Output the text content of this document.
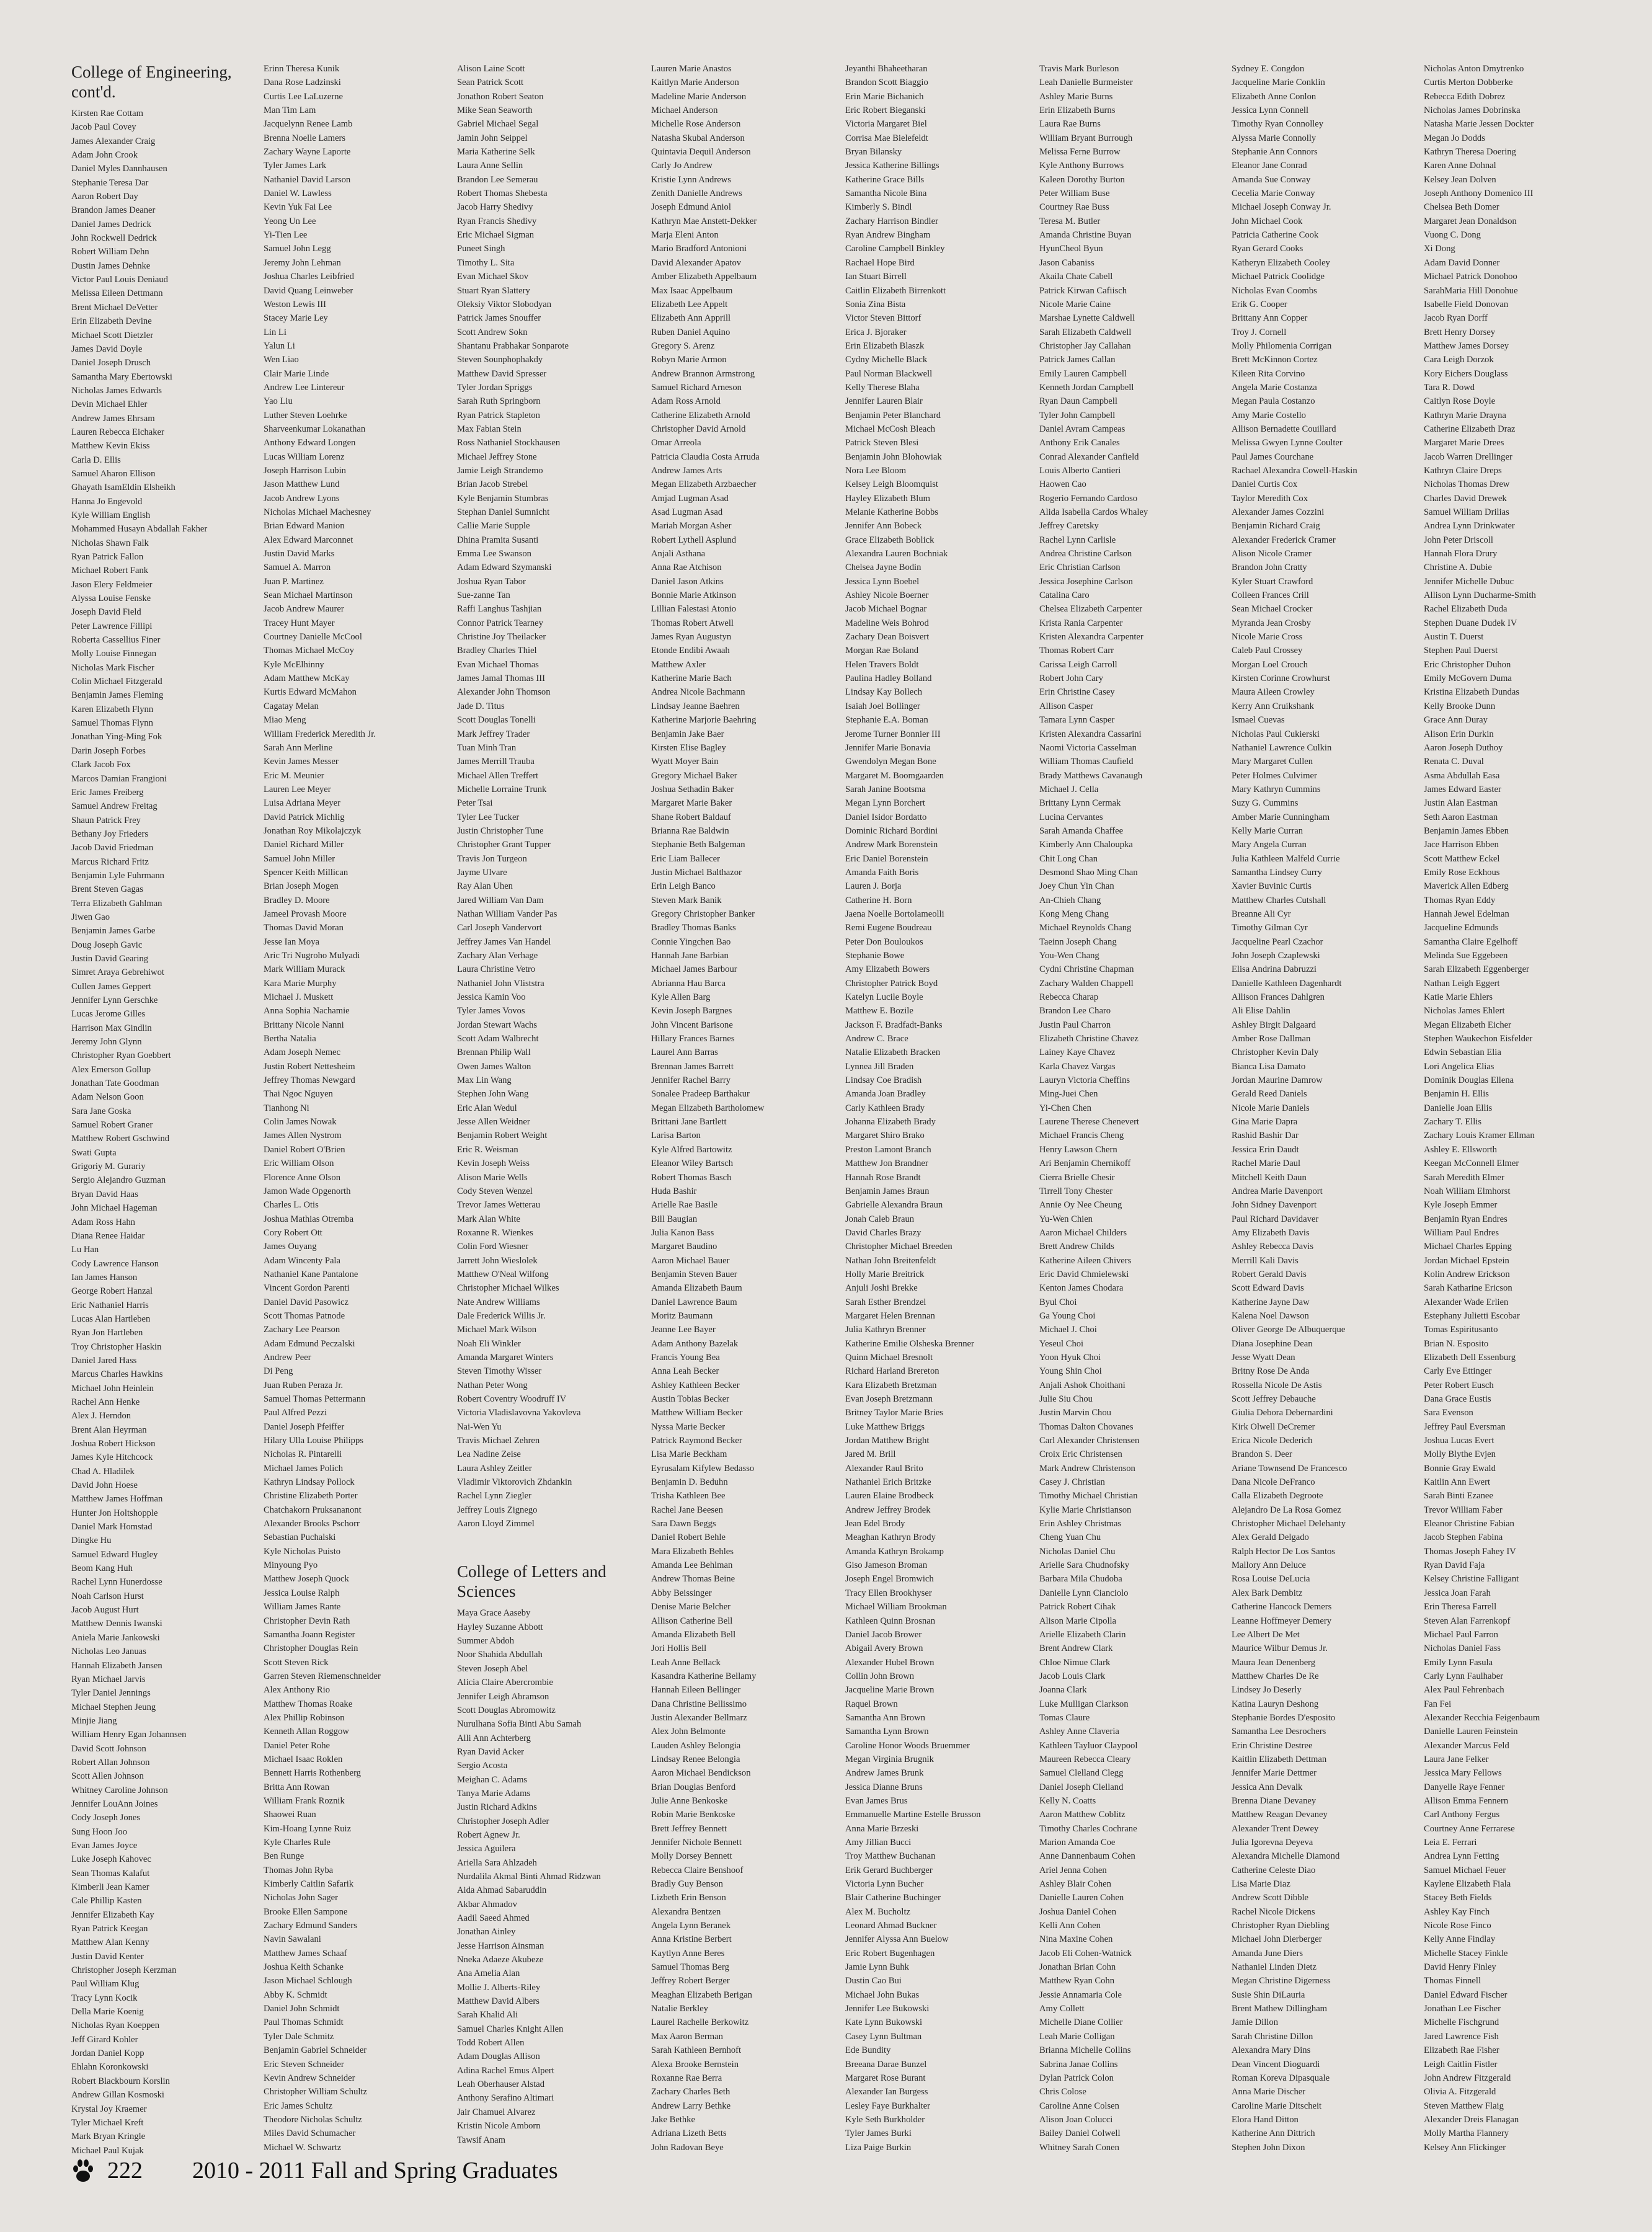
College of Engineering, cont'd.
Kirsten Rae Cottam
Jacob Paul Covey
James Alexander Craig
Adam John Crook
Daniel Myles Dannhausen
Stephanie Teresa Dar
Aaron Robert Day
Brandon James Deaner
Daniel James Dedrick
John Rockwell Dedrick
Robert William Dehn
Dustin James Dehnke
Victor Paul Louis Deniaud
Melissa Eileen Dettmann
Brent Michael DeVetter
Erin Elizabeth Devine
Michael Scott Dietzler
James David Doyle
Daniel Joseph Drusch
Samantha Mary Ebertowski
Nicholas James Edwards
Devin Michael Ehler
Andrew James Ehrsam
Lauren Rebecca Eichaker
Matthew Kevin Ekiss
Carla D. Ellis
Samuel Aharon Ellison
Ghayath IsamEldin Elsheikh
Hanna Jo Engevold
Kyle William English
Mohammed Husayn Abdallah Fakher
Nicholas Shawn Falk
Ryan Patrick Fallon
Michael Robert Fank
Jason Elery Feldmeier
Alyssa Louise Fenske
Joseph David Field
Peter Lawrence Fillipi
Roberta Cassellius Finer
Molly Louise Finnegan
Nicholas Mark Fischer
Colin Michael Fitzgerald
Benjamin James Fleming
Karen Elizabeth Flynn
Samuel Thomas Flynn
Jonathan Ying-Ming Fok
Darin Joseph Forbes
Clark Jacob Fox
Marcos Damian Frangioni
Eric James Freiberg
Samuel Andrew Freitag
Shaun Patrick Frey
Bethany Joy Frieders
Jacob David Friedman
Marcus Richard Fritz
Benjamin Lyle Fuhrmann
Brent Steven Gagas
Terra Elizabeth Gahlman
Jiwen Gao
Benjamin James Garbe
Doug Joseph Gavic
Justin David Gearing
Simret Araya Gebrehiwot
Cullen James Geppert
Jennifer Lynn Gerschke
Lucas Jerome Gilles
Harrison Max Gindlin
Jeremy John Glynn
Christopher Ryan Goebbert
Alex Emerson Gollup
Jonathan Tate Goodman
Adam Nelson Goon
Sara Jane Goska
Samuel Robert Graner
Matthew Robert Gschwind
Swati Gupta
Grigoriy M. Gurariy
Sergio Alejandro Guzman
Bryan David Haas
John Michael Hageman
Adam Ross Hahn
Diana Renee Haidar
Lu Han
Cody Lawrence Hanson
Ian James Hanson
George Robert Hanzal
Eric Nathaniel Harris
Lucas Alan Hartleben
Ryan Jon Hartleben
Troy Christopher Haskin
Daniel Jared Hass
Marcus Charles Hawkins
Michael John Heinlein
Rachel Ann Henke
Alex J. Herndon
Brent Alan Heyrman
Joshua Robert Hickson
James Kyle Hitchcock
Chad A. Hladilek
David John Hoese
Matthew James Hoffman
Hunter Jon Holtshopple
Daniel Mark Homstad
Dingke Hu
Samuel Edward Hugley
Beom Kang Huh
Rachel Lynn Hunerdosse
Noah Carlson Hurst
Jacob August Hurt
Matthew Dennis Iwanski
Aniela Marie Jankowski
Nicholas Leo Januas
Hannah Elizabeth Jansen
Ryan Michael Jarvis
Tyler Daniel Jennings
Michael Stephen Jeung
Minjie Jiang
William Henry Egan Johannsen
David Scott Johnson
Robert Allan Johnson
Scott Allen Johnson
Whitney Caroline Johnson
Jennifer LouAnn Joines
Cody Joseph Jones
Sung Hoon Joo
Evan James Joyce
Luke Joseph Kahovec
Sean Thomas Kalafut
Kimberli Jean Kamer
Cale Phillip Kasten
Jennifer Elizabeth Kay
Ryan Patrick Keegan
Matthew Alan Kenny
Justin David Kenter
Christopher Joseph Kerzman
Paul William Klug
Tracy Lynn Kocik
Della Marie Koenig
Nicholas Ryan Koeppen
Jeff Girard Kohler
Jordan Daniel Kopp
Ehlahn Koronkowski
Robert Blackbourn Korslin
Andrew Gillan Kosmoski
Krystal Joy Kraemer
Tyler Michael Kreft
Mark Bryan Kringle
Michael Paul Kujak
Erinn Theresa Kunik
Dana Rose Ladzinski
Curtis Lee LaLuzerne
Man Tim Lam
Jacquelynn Renee Lamb
Brenna Noelle Lamers
Zachary Wayne Laporte
Tyler James Lark
Nathaniel David Larson
Daniel W. Lawless
Kevin Yuk Fai Lee
Yeong Un Lee
Yi-Tien Lee
Samuel John Legg
Jeremy John Lehman
Joshua Charles Leibfried
David Quang Leinweber
Weston Lewis III
Stacey Marie Ley
Lin Li
Yalun Li
Wen Liao
Clair Marie Linde
Andrew Lee Lintereur
Yao Liu
Luther Steven Loehrke
Sharveenkumar Lokanathan
Anthony Edward Longen
Lucas William Lorenz
Joseph Harrison Lubin
Jason Matthew Lund
Jacob Andrew Lyons
Nicholas Michael Machesney
Brian Edward Manion
Alex Edward Marconnet
Justin David Marks
Samuel A. Marron
Juan P. Martinez
Sean Michael Martinson
Jacob Andrew Maurer
Tracey Hunt Mayer
Courtney Danielle McCool
Thomas Michael McCoy
Kyle McElhinny
Adam Matthew McKay
Kurtis Edward McMahon
Cagatay Melan
Miao Meng
William Frederick Meredith Jr.
Sarah Ann Merline
Kevin James Messer
Eric M. Meunier
Lauren Lee Meyer
Luisa Adriana Meyer
David Patrick Michlig
Jonathan Roy Mikolajczyk
Daniel Richard Miller
Samuel John Miller
Spencer Keith Millican
Brian Joseph Mogen
Bradley D. Moore
Jameel Provash Moore
Thomas David Moran
Jesse Ian Moya
Aric Tri Nugroho Mulyadi
Mark William Murack
Kara Marie Murphy
Michael J. Muskett
Anna Sophia Nachamie
Brittany Nicole Nanni
Bertha Natalia
Adam Joseph Nemec
Justin Robert Nettesheim
Jeffrey Thomas Newgard
Thai Ngoc Nguyen
Tianhong Ni
Colin James Nowak
James Allen Nystrom
Daniel Robert O'Brien
Eric William Olson
Florence Anne Olson
Jamon Wade Opgenorth
Charles L. Otis
Joshua Mathias Otremba
Cory Robert Ott
James Ouyang
Adam Wincenty Pala
Nathaniel Kane Pantalone
Vincent Gordon Parenti
Daniel David Pasowicz
Scott Thomas Patnode
Zachary Lee Pearson
Adam Edmund Peczalski
Andrew Peer
Di Peng
Juan Ruben Peraza Jr.
Samuel Thomas Pettermann
Paul Alfred Pezzi
Daniel Joseph Pfeiffer
Hilary Ulla Louise Philipps
Nicholas R. Pintarelli
Michael James Polich
Kathryn Lindsay Pollock
Christine Elizabeth Porter
Chatchakorn Pruksananont
Alexander Brooks Pschorr
Sebastian Puchalski
Kyle Nicholas Puisto
Minyoung Pyo
Matthew Joseph Quock
Jessica Louise Ralph
William James Rante
Christopher Devin Rath
Samantha Joann Register
Christopher Douglas Rein
Scott Steven Rick
Garren Steven Riemenschneider
Alex Anthony Rio
Matthew Thomas Roake
Alex Phillip Robinson
Kenneth Allan Roggow
Daniel Peter Rohe
Michael Isaac Roklen
Bennett Harris Rothenberg
Britta Ann Rowan
William Frank Roznik
Shaowei Ruan
Kim-Hoang Lynne Ruiz
Kyle Charles Rule
Ben Runge
Thomas John Ryba
Kimberly Caitlin Safarik
Nicholas John Sager
Brooke Ellen Sampone
Zachary Edmund Sanders
Navin Sawalani
Matthew James Schaaf
Joshua Keith Schanke
Jason Michael Schlough
Abby K. Schmidt
Daniel John Schmidt
Paul Thomas Schmidt
Tyler Dale Schmitz
Benjamin Gabriel Schneider
Eric Steven Schneider
Kevin Andrew Schneider
Christopher William Schultz
Eric James Schultz
Theodore Nicholas Schultz
Miles David Schumacher
Michael W. Schwartz
Alison Laine Scott
Sean Patrick Scott
Jonathon Robert Seaton
Mike Sean Seaworth
Gabriel Michael Segal
Jamin John Seippel
Maria Katherine Selk
Laura Anne Sellin
Brandon Lee Semerau
Robert Thomas Shebesta
Jacob Harry Shedivy
Ryan Francis Shedivy
Eric Michael Sigman
Puneet Singh
Timothy L. Sita
Evan Michael Skov
Stuart Ryan Slattery
Oleksiy Viktor Slobodyan
Patrick James Snouffer
Scott Andrew Sokn
Shantanu Prabhakar Sonparote
Steven Sounphophakdy
Matthew David Spresser
Tyler Jordan Spriggs
Sarah Ruth Springborn
Ryan Patrick Stapleton
Max Fabian Stein
Ross Nathaniel Stockhausen
Michael Jeffrey Stone
Jamie Leigh Strandemo
Brian Jacob Strebel
Kyle Benjamin Stumbras
Stephan Daniel Sumnicht
Callie Marie Supple
Dhina Pramita Susanti
Emma Lee Swanson
Adam Edward Szymanski
Joshua Ryan Tabor
Sue-zanne Tan
Raffi Langhus Tashjian
Connor Patrick Tearney
Christine Joy Theilacker
Bradley Charles Thiel
Evan Michael Thomas
James Jamal Thomas III
Alexander John Thomson
Jade D. Titus
Scott Douglas Tonelli
Mark Jeffrey Trader
Tuan Minh Tran
James Merrill Traubа
Michael Allen Treffert
Michelle Lorraine Trunk
Peter Tsai
Tyler Lee Tucker
Justin Christopher Tune
Christopher Grant Tupper
Travis Jon Turgeon
Jayme Ulvare
Ray Alan Uhen
Jared William Van Dam
Nathan William Vander Pas
Carl Joseph Vandervort
Jeffrey James Van Handel
Zachary Alan Verhage
Laura Christine Vetro
Nathaniel John Vliststra
Jessica Kamin Voo
Tyler James Vovos
Jordan Stewart Wachs
Scott Adam Walbrecht
Brennan Philip Wall
Owen James Walton
Max Lin Wang
Stephen John Wang
Eric Alan Wedul
Jesse Allen Weidner
Benjamin Robert Weight
Eric R. Weisman
Kevin Joseph Weiss
Alison Marie Wells
Cody Steven Wenzel
Trevor James Wetterau
Mark Alan White
Roxanne R. Wienkes
Colin Ford Wiesner
Jarrett John Wieslolek
Matthew O'Neal Wilfong
Christopher Michael Wilkes
Nate Andrew Williams
Dale Frederick Willis Jr.
Michael Mark Wilson
Noah Eli Winkler
Amanda Margaret Winters
Steven Timothy Wisser
Nathan Peter Wong
Robert Coventry Woodruff IV
Victoria Vladislavovna Yakovleva
Nai-Wen Yu
Travis Michael Zehren
Lea Nadine Zeise
Laura Ashley Zeitler
Vladimir Viktorovich Zhdankin
Rachel Lynn Ziegler
Jeffrey Louis Zignego
Aaron Lloyd Zimmel
College of Letters and Sciences
Maya Grace Aaseby
Hayley Suzanne Abbott
Summer Abdoh
Noor Shahida Abdullah
Steven Joseph Abel
Alicia Claire Abercrombie
Jennifer Leigh Abramson
Scott Douglas Abromowitz
Nurulhana Sofia Binti Abu Samah
Alli Ann Achterberg
Ryan David Acker
Sergio Acosta
Meighan C. Adams
Tanya Marie Adams
Justin Richard Adkins
Christopher Joseph Adler
Robert Agnew Jr.
Jessica Aguilera
Ariella Sara Ahlzadeh
Nurdalila Akmal Binti Ahmad Ridzwan
Aida Ahmad Sabaruddin
Akbar Ahmadov
Aadil Saeed Ahmed
Jonathan Ainley
Jesse Harrison Ainsman
Nneka Adaeze Akubeze
Ana Amelia Alan
Mollie J. Alberts-Riley
Matthew David Albers
Sarah Khalid Ali
Samuel Charles Knight Allen
Todd Robert Allen
Adam Douglas Allison
Adina Rachel Emus Alpert
Leah Oberhauser Alstad
Anthony Serafino Altimari
Jair Chamuel Alvarez
Kristin Nicole Amborn
Tawsif Anam
Lauren Marie Anastos
Kaitlyn Marie Anderson
Madeline Marie Anderson
Michael Anderson
Michelle Rose Anderson
Natasha Skubal Anderson
Quintavia Dequil Anderson
Carly Jo Andrew
Kristie Lynn Andrews
Zenith Danielle Andrews
Joseph Edmund Aniol
Kathryn Mae Anstett-Dekker
Marja Eleni Anton
Mario Bradford Antonioni
David Alexander Apatov
Amber Elizabeth Appelbaum
Max Isaac Appelbaum
Elizabeth Lee Appelt
Elizabeth Ann Apprill
Ruben Daniel Aquino
Gregory S. Arenz
Robyn Marie Armon
Andrew Brannon Armstrong
Samuel Richard Arneson
Adam Ross Arnold
Catherine Elizabeth Arnold
Christopher David Arnold
Omar Arreola
Patricia Claudia Costa Arruda
Andrew James Arts
Megan Elizabeth Arzbaecher
Amjad Lugman Asad
Asad Lugman Asad
Mariah Morgan Asher
Robert Lythell Asplund
Anjali Asthana
Anna Rae Atchison
Daniel Jason Atkins
Bonnie Marie Atkinson
Lillian Falestasi Atonio
Thomas Robert Atwell
James Ryan Augustyn
Etonde Endibi Awaah
Matthew Axler
Katherine Marie Bach
Andrea Nicole Bachmann
Lindsay Jeanne Baehren
Katherine Marjorie Baehring
Benjamin Jake Baer
Kirsten Elise Bagley
Wyatt Moyer Bain
Gregory Michael Baker
Joshua Sethadin Baker
Margaret Marie Baker
Shane Robert Baldauf
Brianna Rae Baldwin
Stephanie Beth Balgeman
Eric Liam Ballecer
Justin Michael Balthazor
Erin Leigh Banco
Steven Mark Banik
Gregory Christopher Banker
Bradley Thomas Banks
Connie Yingchen Bao
Hannah Jane Barbian
Michael James Barbour
Abrianna Hau Barca
Kyle Allen Barg
Kevin Joseph Bargnes
John Vincent Barisone
Hillary Frances Barnes
Laurel Ann Barras
Brennan James Barrett
Jennifer Rachel Barry
Sonalee Pradeep Barthakur
Megan Elizabeth Bartholomew
Brittani Jane Bartlett
Larisa Barton
Kyle Alfred Bartowitz
Eleanor Wiley Bartsch
Robert Thomas Basch
Huda Bashir
Arielle Rae Basile
Bill Baugian
Julia Kanon Bass
Margaret Baudino
Aaron Michael Bauer
Benjamin Steven Bauer
Amanda Elizabeth Baum
Daniel Lawrence Baum
Moritz Baumann
Jeanne Lee Bayer
Adam Anthony Bazelak
Francis Young Bea
Anna Leah Becker
Ashley Kathleen Becker
Austin Tobias Becker
Matthew William Becker
Nyssa Marie Becker
Patrick Raymond Becker
Lisa Marie Beckham
Eyrusalam Kifylew Bedasso
Benjamin D. Beduhn
Trisha Kathleen Bee
Rachel Jane Beesen
Sara Dawn Beggs
Daniel Robert Behle
Mara Elizabeth Behles
Amanda Lee Behlman
Andrew Thomas Beine
Abby Beissinger
Denise Marie Belcher
Allison Catherine Bell
Amanda Elizabeth Bell
Jori Hollis Bell
Leah Anne Bellack
Kasandra Katherine Bellamy
Hannah Eileen Bellinger
Dana Christine Bellissimo
Justin Alexander Bellmarz
Alex John Belmonte
Lauden Ashley Belongia
Lindsay Renee Belongia
Aaron Michael Bendickson
Brian Douglas Benford
Julie Anne Benkoske
Robin Marie Benkoske
Brett Jeffrey Bennett
Jennifer Nichole Bennett
Molly Dorsey Bennett
Rebecca Claire Benshoof
Bradly Guy Benson
Lizbeth Erin Benson
Alexandra Bentzen
Angela Lynn Beranek
Anna Kristine Berbert
Kaytlyn Anne Beres
Samuel Thomas Berg
Jeffrey Robert Berger
Meaghan Elizabeth Berigan
Natalie Berkley
Laurel Rachelle Berkowitz
Max Aaron Berman
Sarah Kathleen Bernhoft
Alexa Brooke Bernstein
Roxanne Rae Berra
Zachary Charles Beth
Andrew Larry Bethke
Jake Bethke
Adriana Lizeth Betts
John Radovan Beye
Jeyanthi Bhaheetharan
Brandon Scott Biaggio
Erin Marie Bichanich
Eric Robert Bieganski
Victoria Margaret Biel
Corrisa Mae Bielefeldt
Bryan Bilansky
Jessica Katherine Billings
Katherine Grace Bills
Samantha Nicole Bina
Kimberly S. Bindl
Zachary Harrison Bindler
Ryan Andrew Bingham
Caroline Campbell Binkley
Rachael Hope Bird
Ian Stuart Birrell
Caitlin Elizabeth Birrenkott
Sonia Zina Bista
Victor Steven Bittorf
Erica J. Bjoraker
Erin Elizabeth Blaszk
Cydny Michelle Black
Paul Norman Blackwell
Kelly Therese Blaha
Jennifer Lauren Blair
Benjamin Peter Blanchard
Michael McCosh Bleach
Patrick Steven Blesi
Benjamin John Blohowiak
Nora Lee Bloom
Kelsey Leigh Bloomquist
Hayley Elizabeth Blum
Melanie Katherine Bobbs
Jennifer Ann Bobeck
Grace Elizabeth Boblick
Alexandra Lauren Bochniak
Chelsea Jayne Bodin
Jessica Lynn Boebel
Ashley Nicole Boerner
Jacob Michael Bognar
Madeline Weis Bohrod
Zachary Dean Boisvert
Morgan Rae Boland
Helen Travers Boldt
Paulina Hadley Bolland
Lindsay Kay Bollech
Isaiah Joel Bollinger
Stephanie E.A. Boman
Jerome Turner Bonnier III
Jennifer Marie Bonavia
Gwendolyn Megan Bone
Margaret M. Boomgaarden
Sarah Janine Bootsma
Megan Lynn Borchert
Daniel Isidor Bordatto
Dominic Richard Bordini
Andrew Mark Borenstein
Eric Daniel Borenstein
Amanda Faith Boris
Lauren J. Borja
Catherine H. Born
Jaena Noelle Bortolameolli
Remi Eugene Boudreau
Peter Don Bouloukos
Stephanie Bowe
Amy Elizabeth Bowers
Christopher Patrick Boyd
Katelyn Lucile Boyle
Matthew E. Bozile
Jackson F. Bradfadt-Banks
Andrew C. Brace
Natalie Elizabeth Bracken
Lynnea Jill Braden
Lindsay Coe Bradish
Amanda Joan Bradley
Carly Kathleen Brady
Johanna Elizabeth Brady
Margaret Shiro Brako
Preston Lamont Branch
Matthew Jon Brandner
Hannah Rose Brandt
Benjamin James Braun
Gabrielle Alexandra Braun
Jonah Caleb Braun
David Charles Brazy
Christopher Michael Breeden
Nathan John Breitenfeldt
Holly Marie Breitrick
Anjuli Joshi Brekke
Sarah Esther Brendzel
Margaret Helen Brennan
Julia Kathryn Brenner
Katherine Emilie Olsheska Brenner
Quinn Michael Bresnolt
Richard Harland Brereton
Kara Elizabeth Bretzman
Evan Joseph Bretzmann
Britney Taylor Marie Bries
Luke Matthew Briggs
Jordan Matthew Bright
Jared M. Brill
Alexander Raul Brito
Nathaniel Erich Britzke
Lauren Elaine Brodbeck
Andrew Jeffrey Brodek
Jean Edel Brody
Meaghan Kathryn Brody
Amanda Kathryn Brokamp
Giso Jameson Broman
Joseph Engel Bromwich
Tracy Ellen Brookhyser
Michael William Brookman
Kathleen Quinn Brosnan
Daniel Jacob Brower
Abigail Avery Brown
Alexander Hubel Brown
Collin John Brown
Jacqueline Marie Brown
Raquel Brown
Samantha Ann Brown
Samantha Lynn Brown
Caroline Honor Woods Bruemmer
Megan Virginia Brugnik
Andrew James Brunk
Jessica Dianne Bruns
Evan James Brus
Emmanuelle Martine Estelle Brusson
Anna Marie Brzeski
Amy Jillian Bucci
Troy Matthew Buchanan
Erik Gerard Buchberger
Victoria Lynn Bucher
Blair Catherine Buchinger
Alex M. Bucholtz
Leonard Ahmad Buckner
Jennifer Alyssa Ann Buelow
Eric Robert Bugenhagen
Jamie Lynn Buhk
Dustin Cao Bui
Michael John Bukas
Jennifer Lee Bukowski
Kate Lynn Bukowski
Casey Lynn Bultman
Ede Bundity
Breeana Darae Bunzel
Margaret Rose Burant
Alexander Ian Burgess
Lesley Faye Burkhalter
Kyle Seth Burkholder
Tyler James Burki
Liza Paige Burkin
Travis Mark Burleson
Leah Danielle Burmeister
Ashley Marie Burns
Erin Elizabeth Burns
Laura Rae Burns
William Bryant Burrough
Melissa Ferne Burrow
Kyle Anthony Burrows
Kaleen Dorothy Burton
Peter William Buse
Courtney Rae Buss
Teresa M. Butler
Amanda Christine Buyan
HyunCheol Byun
Jason Cabaniss
Akaila Chate Cabell
Patrick Kirwan Cafiisch
Nicole Marie Caine
Marshae Lynette Caldwell
Sarah Elizabeth Caldwell
Christopher Jay Callahan
Patrick James Callan
Emily Lauren Campbell
Kenneth Jordan Campbell
Ryan Daun Campbell
Tyler John Campbell
Daniel Avram Campeas
Anthony Erik Canales
Conrad Alexander Canfield
Louis Alberto Cantieri
Haowen Cao
Rogerio Fernando Cardoso
Alida Isabella Cardos Whaley
Jeffrey Caretsky
Rachel Lynn Carlisle
Andrea Christine Carlson
Eric Christian Carlson
Jessica Josephine Carlson
Catalina Caro
Chelsea Elizabeth Carpenter
Krista Rania Carpenter
Kristen Alexandra Carpenter
Thomas Robert Carr
Carissa Leigh Carroll
Robert John Cary
Erin Christine Casey
Allison Casper
Tamara Lynn Casper
Kristen Alexandra Cassarini
Naomi Victoria Casselman
William Thomas Caufield
Brady Matthews Cavanaugh
Michael J. Cella
Brittany Lynn Cermak
Lucina Cervantes
Sarah Amanda Chaffee
Kimberly Ann Chaloupka
Chit Long Chan
Desmond Shao Ming Chan
Joey Chun Yin Chan
An-Chieh Chang
Kong Meng Chang
Michael Reynolds Chang
Taeinn Joseph Chang
You-Wen Chang
Cydni Christine Chapman
Zachary Walden Chappell
Rebecca Charap
Brandon Lee Charo
Justin Paul Charron
Elizabeth Christine Chavez
Lainey Kaye Chavez
Karla Chavez Vargas
Lauryn Victoria Cheffins
Ming-Juei Chen
Yi-Chen Chen
Laurene Therese Chenevert
Michael Francis Cheng
Henry Lawson Chern
Ari Benjamin Chernikoff
Cierra Brielle Chesir
Tirrell Tony Chester
Annie Oy Nee Cheung
Yu-Wen Chien
Aaron Michael Childers
Brett Andrew Childs
Katherine Aileen Chivers
Eric David Chmielewski
Kenton James Chodara
Byul Choi
Ga Young Choi
Michael J. Choi
Yeseul Choi
Yoon Hyuk Choi
Young Shin Choi
Anjali Ashok Choithani
Julie Siu Chou
Justin Marvin Chou
Thomas Dalton Chovanes
Carl Alexander Christensen
Croix Eric Christensen
Mark Andrew Christenson
Casey J. Christian
Timothy Michael Christian
Kylie Marie Christianson
Erin Ashley Christmas
Cheng Yuan Chu
Nicholas Daniel Chu
Arielle Sara Chudnofsky
Barbara Mila Chudoba
Danielle Lynn Cianciolo
Patrick Robert Cihak
Alison Marie Cipolla
Arielle Elizabeth Clarin
Brent Andrew Clark
Chloe Nimue Clark
Jacob Louis Clark
Joanna Clark
Luke Mulligan Clarkson
Tomas Claure
Ashley Anne Claveria
Kathleen Tayluor Claypool
Maureen Rebecca Cleary
Samuel Clelland Clegg
Daniel Joseph Clelland
Kelly N. Coatts
Aaron Matthew Coblitz
Timothy Charles Cochrane
Marion Amanda Coe
Anne Dannenbaum Cohen
Ariel Jenna Cohen
Ashley Blair Cohen
Danielle Lauren Cohen
Joshua Daniel Cohen
Kelli Ann Cohen
Nina Maxine Cohen
Jacob Eli Cohen-Watnick
Jonathan Brian Cohn
Matthew Ryan Cohn
Jessie Annamaria Cole
Amy Collett
Michelle Diane Collier
Leah Marie Colligan
Brianna Michelle Collins
Sabrina Janae Collins
Dylan Patrick Colon
Chris Colose
Caroline Anne Colsen
Alison Joan Colucci
Bailey Daniel Colwell
Whitney Sarah Conen
Sydney E. Congdon
Jacqueline Marie Conklin
Elizabeth Anne Conlon
Jessica Lynn Connell
Timothy Ryan Connolley
Alyssa Marie Connolly
Stephanie Ann Connors
Eleanor Jane Conrad
Amanda Sue Conway
Cecelia Marie Conway
Michael Joseph Conway Jr.
John Michael Cook
Patricia Catherine Cook
Ryan Gerard Cooks
Katheryn Elizabeth Cooley
Michael Patrick Coolidge
Nicholas Evan Coombs
Erik G. Cooper
Brittany Ann Copper
Troy J. Cornell
Molly Philomenia Corrigan
Brett McKinnon Cortez
Kileen Rita Corvino
Angela Marie Costanza
Megan Paula Costanzo
Amy Marie Costello
Allison Bernadette Couillard
Melissa Gwyen Lynne Coulter
Paul James Courchane
Rachael Alexandra Cowell-Haskin
Daniel Curtis Cox
Taylor Meredith Cox
Alexander James Cozzini
Benjamin Richard Craig
Alexander Frederick Cramer
Alison Nicole Cramer
Brandon John Cratty
Kyler Stuart Crawford
Colleen Frances Crill
Sean Michael Crocker
Myranda Jean Crosby
Nicole Marie Cross
Caleb Paul Crossey
Morgan Loel Crouch
Kirsten Corinne Crowhurst
Maura Aileen Crowley
Kerry Ann Cruikshank
Ismael Cuevas
Nicholas Paul Cukierski
Nathaniel Lawrence Culkin
Mary Margaret Cullen
Peter Holmes Culvimer
Mary Kathryn Cummins
Suzy G. Cummins
Amber Marie Cunningham
Kelly Marie Curran
Mary Angela Curran
Julia Kathleen Malfeld Currie
Samantha Lindsey Curry
Xavier Buvinic Curtis
Matthew Charles Cutshall
Breanne Ali Cyr
Timothy Gilman Cyr
Jacqueline Pearl Czachor
John Joseph Czaplewski
Elisa Andrina Dabruzzi
Danielle Kathleen Dagenhardt
Allison Frances Dahlgren
Ali Elise Dahlin
Ashley Birgit Dalgaard
Amber Rose Dallman
Christopher Kevin Daly
Bianca Lisa Damato
Jordan Maurine Damrow
Gerald Reed Daniels
Nicole Marie Daniels
Gina Marie Dapra
Rashid Bashir Dar
Jessica Erin Daudt
Rachel Marie Daul
Mitchell Keith Daun
Andrea Marie Davenport
John Sidney Davenport
Paul Richard Davidaver
Amy Elizabeth Davis
Ashley Rebecca Davis
Merrill Kali Davis
Robert Gerald Davis
Scott Edward Davis
Katherine Jayne Daw
Kalena Noel Dawson
Oliver George De Albuquerque
Diana Josephine Dean
Jesse Wyatt Dean
Britny Rose De Anda
Rossella Nicole De Astis
Scott Jeffrey Debauche
Giulia Debora Debernardini
Kirk Olwell DeCremer
Erica Nicole Dederich
Brandon S. Deer
Ariane Townsend De Francesco
Dana Nicole DeFranco
Calla Elizabeth Degroote
Alejandro De La Rosa Gomez
Christopher Michael Delehanty
Alex Gerald Delgado
Ralph Hector De Los Santos
Mallory Ann Deluce
Rosa Louise DeLucia
Alex Bark Dembitz
Catherine Hancock Demers
Leanne Hoffmeyer Demery
Lee Albert De Met
Maurice Wilbur Demus Jr.
Maura Jean Denenberg
Matthew Charles De Re
Lindsey Jo Deserly
Katina Lauryn Deshong
Stephanie Bordes D'esposito
Samantha Lee Desrochers
Erin Christine Destree
Kaitlin Elizabeth Dettman
Jennifer Marie Dettmer
Jessica Ann Devalk
Brenna Diane Devaney
Matthew Reagan Devaney
Alexander Trent Dewey
Julia Igorevna Deyeva
Alexandra Michelle Diamond
Catherine Celeste Diao
Lisa Marie Diaz
Andrew Scott Dibble
Rachel Nicole Dickens
Christopher Ryan Diebling
Michael John Dierberger
Amanda June Diers
Nathaniel Linden Dietz
Megan Christine Digerness
Susie Shin DiLauria
Brent Mathew Dillingham
Jamie Dillon
Sarah Christine Dillon
Alexandra Mary Dins
Dean Vincent Dioguardi
Roman Koreva Dipasquale
Anna Marie Discher
Caroline Marie Ditscheit
Elora Hand Ditton
Katherine Ann Dittrich
Stephen John Dixon
Nicholas Anton Dmytrenko
Curtis Merton Dobberke
Rebecca Edith Dobrez
Nicholas James Dobrinska
Natasha Marie Jessen Dockter
Megan Jo Dodds
Kathryn Theresa Doering
Karen Anne Dohnal
Kelsey Jean Dolven
Joseph Anthony Domenico III
Chelsea Beth Domer
Margaret Jean Donaldson
Vuong C. Dong
Xi Dong
Adam David Donner
Michael Patrick Donohoo
SarahMaria Hill Donohue
Isabelle Field Donovan
Jacob Ryan Dorff
Brett Henry Dorsey
Matthew James Dorsey
Cara Leigh Dorzok
Kory Eichers Douglass
Tara R. Dowd
Caitlyn Rose Doyle
Kathryn Marie Drayna
Catherine Elizabeth Draz
Margaret Marie Drees
Jacob Warren Drellinger
Kathryn Claire Dreps
Nicholas Thomas Drew
Charles David Drewek
Samuel William Drilias
Andrea Lynn Drinkwater
John Peter Driscoll
Hannah Flora Drury
Christine A. Dubie
Jennifer Michelle Dubuc
Allison Lynn Ducharme-Smith
Rachel Elizabeth Duda
Stephen Duane Dudek IV
Austin T. Duerst
Stephen Paul Duerst
Eric Christopher Duhon
Emily McGovern Duma
Kristina Elizabeth Dundas
Kelly Brooke Dunn
Grace Ann Duray
Alison Erin Durkin
Aaron Joseph Duthoy
Renata C. Duval
Asma Abdullah Easa
James Edward Easter
Justin Alan Eastman
Seth Aaron Eastman
Benjamin James Ebben
Jace Harrison Ebben
Scott Matthew Eckel
Emily Rose Eckhous
Maverick Allen Edberg
Thomas Ryan Eddy
Hannah Jewel Edelman
Jacqueline Edmunds
Samantha Claire Egelhoff
Melinda Sue Eggebeen
Sarah Elizabeth Eggenberger
Nathan Leigh Eggert
Katie Marie Ehlers
Nicholas James Ehlert
Megan Elizabeth Eicher
Stephen Waukechon Eisfelder
Edwin Sebastian Elia
Lori Angelica Elias
Dominik Douglas Ellena
Benjamin H. Ellis
Danielle Joan Ellis
Zachary T. Ellis
Zachary Louis Kramer Ellman
Ashley E. Ellsworth
Keegan McConnell Elmer
Sarah Meredith Elmer
Noah William Elmhorst
Kyle Joseph Emmer
Benjamin Ryan Endres
William Paul Endres
Michael Charles Epping
Jordan Michael Epstein
Kolin Andrew Erickson
Sarah Katharine Ericson
Alexander Wade Erlien
Estephany Julietti Escobar
Tomas Espiritusanto
Brian N. Esposito
Elizabeth Dell Essenburg
Carly Eve Ettinger
Peter Robert Eusch
Dana Grace Eustis
Sara Evenson
Jeffrey Paul Eversman
Joshua Lucas Evert
Molly Blythe Evjen
Bonnie Gray Ewald
Kaitlin Ann Ewert
Sarah Binti Ezanee
Trevor William Faber
Eleanor Christine Fabian
Jacob Stephen Fabina
Thomas Joseph Fahey IV
Ryan David Faja
Kelsey Christine Falligant
Jessica Joan Farah
Erin Theresa Farrell
Steven Alan Farrenkopf
Michael Paul Farron
Nicholas Daniel Fass
Emily Lynn Fasula
Carly Lynn Faulhaber
Alex Paul Fehrenbach
Fan Fei
Alexander Recchia Feigenbaum
Danielle Lauren Feinstein
Alexander Marcus Feld
Laura Jane Felker
Jessica Mary Fellows
Danyelle Raye Fenner
Allison Emma Fennern
Carl Anthony Fergus
Courtney Anne Ferrarese
Leia E. Ferrari
Andrea Lynn Fetting
Samuel Michael Feuer
Kaylene Elizabeth Fiala
Stacey Beth Fields
Ashley Kay Finch
Nicole Rose Finco
Kelly Anne Findlay
Michelle Stacey Finkle
David Henry Finley
Thomas Finnell
Daniel Edward Fischer
Jonathan Lee Fischer
Michelle Fischgrund
Jared Lawrence Fish
Elizabeth Rae Fisher
Leigh Caitlin Fistler
John Andrew Fitzgerald
Olivia A. Fitzgerald
Steven Matthew Flaig
Alexander Dreis Flanagan
Molly Martha Flannery
Kelsey Ann Flickinger
222 2010 - 2011 Fall and Spring Graduates
